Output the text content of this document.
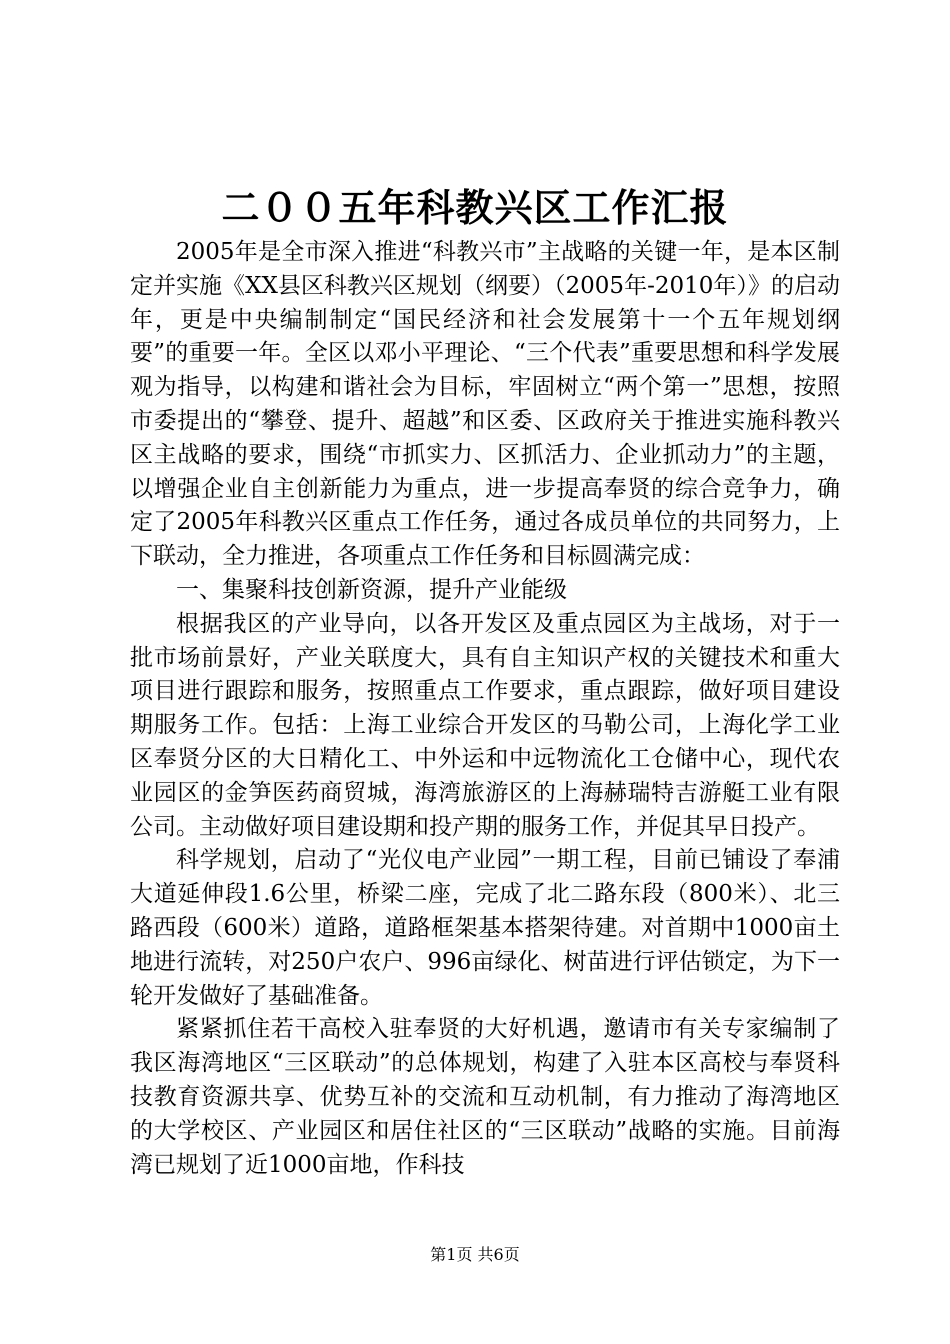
二００五年科教兴区工作汇报

2005年是全市深入推进“科教兴市”主战略的关键一年，是本区制定并实施《XX县区科教兴区规划（纲要）（2005年-2010年）》的启动年，更是中央编制制定“国民经济和社会发展第十一个五年规划纲要”的重要一年。全区以邓小平理论、“三个代表”重要思想和科学发展观为指导，以构建和谐社会为目标，牢固树立“两个第一”思想，按照市委提出的“攀登、提升、超越”和区委、区政府关于推进实施科教兴区主战略的要求，围绕“市抓实力、区抓活力、企业抓动力”的主题，以增强企业自主创新能力为重点，进一步提高奉贤的综合竞争力，确定了2005年科教兴区重点工作任务，通过各成员单位的共同努力，上下联动，全力推进，各项重点工作任务和目标圆满完成：

一、集聚科技创新资源，提升产业能级

根据我区的产业导向，以各开发区及重点园区为主战场，对于一批市场前景好，产业关联度大，具有自主知识产权的关键技术和重大项目进行跟踪和服务，按照重点工作要求，重点跟踪，做好项目建设期服务工作。包括：上海工业综合开发区的马勒公司，上海化学工业区奉贤分区的大日精化工、中外运和中远物流化工仓储中心，现代农业园区的金笋医药商贸城，海湾旅游区的上海赫瑞特吉游艇工业有限公司。主动做好项目建设期和投产期的服务工作，并促其早日投产。

科学规划，启动了“光仪电产业园”一期工程，目前已铺设了奉浦大道延伸段1.6公里，桥梁二座，完成了北二路东段（800米）、北三路西段（600米）道路，道路框架基本搭架待建。对首期中1000亩土地进行流转，对250户农户、996亩绿化、树苗进行评估锁定，为下一轮开发做好了基础准备。

紧紧抓住若干高校入驻奉贤的大好机遇，邀请市有关专家编制了我区海湾地区“三区联动”的总体规划，构建了入驻本区高校与奉贤科技教育资源共享、优势互补的交流和互动机制，有力推动了海湾地区的大学校区、产业园区和居住社区的“三区联动”战略的实施。目前海湾已规划了近1000亩地，作科技

第1页 共6页
